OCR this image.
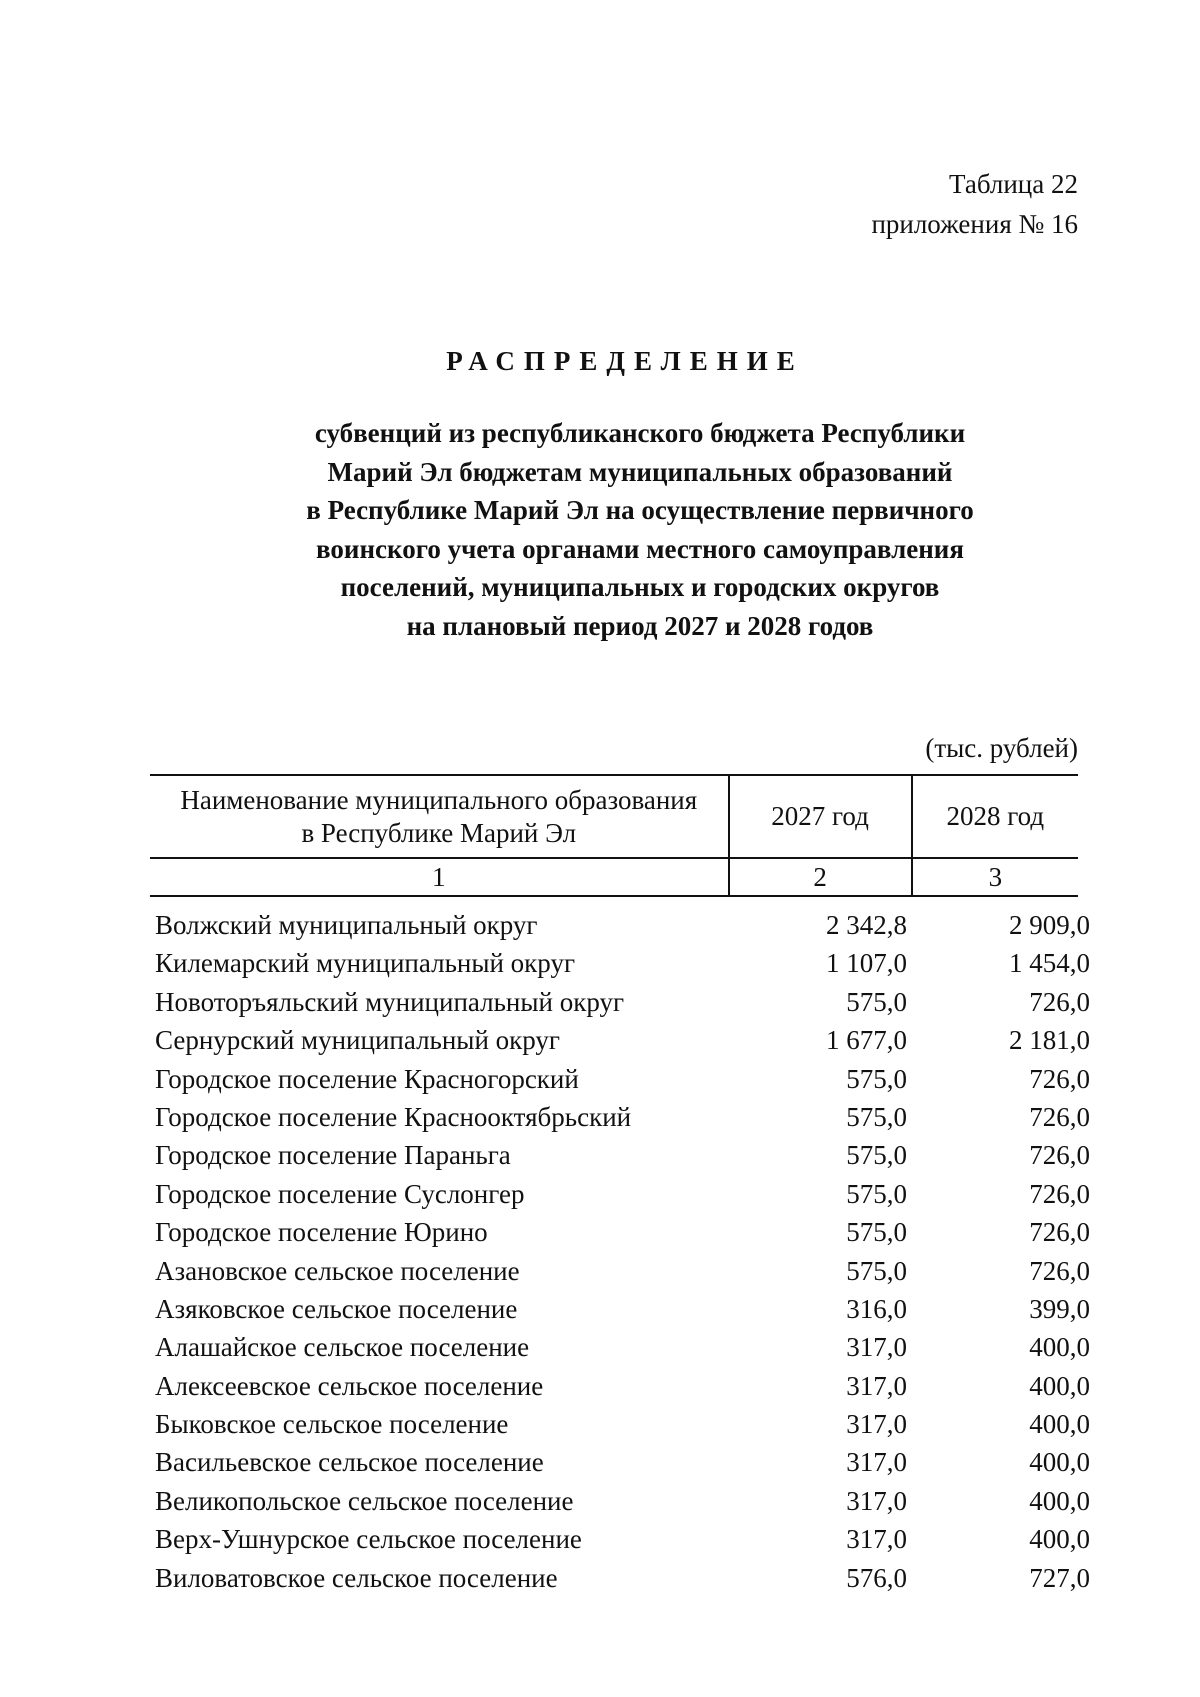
Таблица 22
приложения № 16
РАСПРЕДЕЛЕНИЕ
субвенций из республиканского бюджета Республики
Марий Эл бюджетам муниципальных образований
в Республике Марий Эл на осуществление первичного
воинского учета органами местного самоуправления
поселений, муниципальных и городских округов
на плановый период 2027 и 2028 годов
(тыс. рублей)
Наименование муниципального образования
в Республике Марий Эл	2027 год	2028 год
1	2	3
Волжский муниципальный округ	2 342,8	2 909,0
Килемарский муниципальный округ	1 107,0	1 454,0
Новоторъяльский муниципальный округ	575,0	726,0
Сернурский муниципальный округ	1 677,0	2 181,0
Городское поселение Красногорский	575,0	726,0
Городское поселение Краснооктябрьский	575,0	726,0
Городское поселение Параньга	575,0	726,0
Городское поселение Суслонгер	575,0	726,0
Городское поселение Юрино	575,0	726,0
Азановское сельское поселение	575,0	726,0
Азяковское сельское поселение	316,0	399,0
Алашайское сельское поселение	317,0	400,0
Алексеевское сельское поселение	317,0	400,0
Быковское сельское поселение	317,0	400,0
Васильевское сельское поселение	317,0	400,0
Великопольское сельское поселение	317,0	400,0
Верх-Ушнурское сельское поселение	317,0	400,0
Виловатовское сельское поселение	576,0	727,0
